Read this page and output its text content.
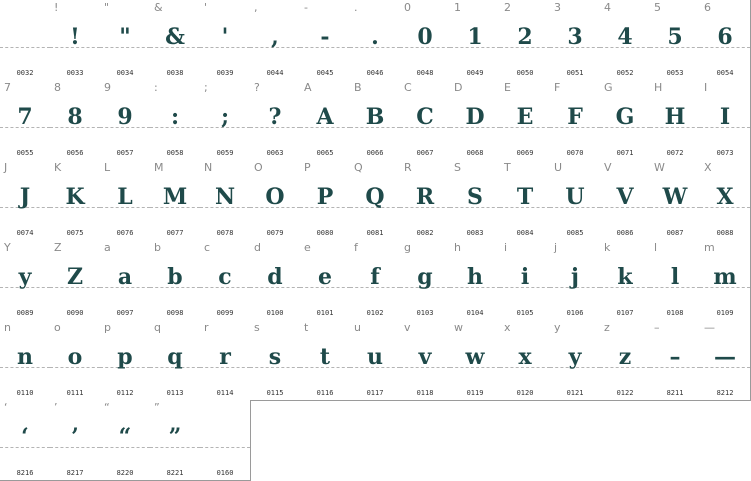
0032
!
!
0033
"
"
0034
&
&
0038
'
'
0039
,
,
0044
-
-
0045
.
.
0046
0
0
0048
1
1
0049
2
2
0050
3
3
0051
4
4
0052
5
5
0053
6
6
0054
7
7
0055
8
8
0056
9
9
0057
:
:
0058
;
;
0059
?
?
0063
A
A
0065
B
B
0066
C
C
0067
D
D
0068
E
E
0069
F
F
0070
G
G
0071
H
H
0072
I
I
0073
J
J
0074
K
K
0075
L
L
0076
M
M
0077
N
N
0078
O
O
0079
P
P
0080
Q
Q
0081
R
R
0082
S
S
0083
T
T
0084
U
U
0085
V
V
0086
W
W
0087
X
X
0088
Y
y
0089
Z
Z
0090
a
a
0097
b
b
0098
c
c
0099
d
d
0100
e
e
0101
f
f
0102
g
g
0103
h
h
0104
i
i
0105
j
j
0106
k
k
0107
l
l
0108
m
m
0109
n
n
0110
o
o
0111
p
p
0112
q
q
0113
r
r
0114
s
s
0115
t
t
0116
u
u
0117
v
v
0118
w
w
0119
x
x
0120
y
y
0121
z
z
0122
–
–
8211
—
—
8212
‘
‘
8216
’
’
8217
“
“
8220
”
”
8221	0160
